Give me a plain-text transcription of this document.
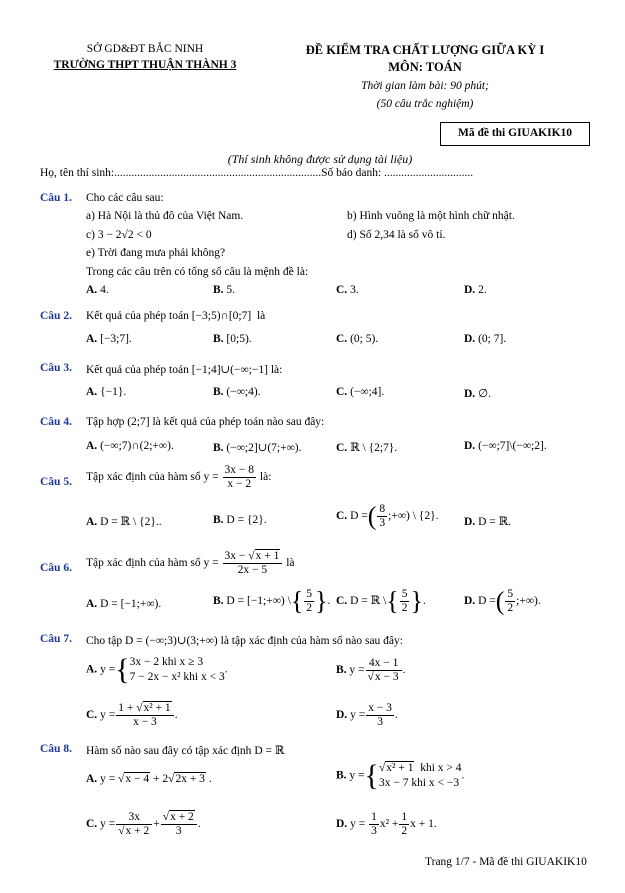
SỞ GD&ĐT BẮC NINH
TRƯỜNG THPT THUẬN THÀNH 3
ĐỀ KIỂM TRA CHẤT LƯỢNG GIỮA KỲ I
MÔN: TOÁN
Thời gian làm bài: 90 phút;
(50 câu trắc nghiệm)
Mã đề thi GIUAKIK10
(Thí sinh không được sử dụng tài liệu)
Họ, tên thí sinh:........................................................................Số báo danh: ...............................
Câu 1. Cho các câu sau:
a) Hà Nội là thủ đô của Việt Nam.	b) Hình vuông là một hình chữ nhật.
c) 3 − 2√2 < 0	d) Số 2,34 là số vô tỉ.
e) Trời đang mưa phải không?
Trong các câu trên có tổng số câu là mệnh đề là:
A. 4.	B. 5.	C. 3.	D. 2.
Câu 2. Kết quả của phép toán [−3;5)∩[0;7] là
A. [−3;7].	B. [0;5).	C. (0; 5).	D. (0; 7].
Câu 3. Kết quả của phép toán [−1;4]∪(−∞;−1] là:
A. {−1}.	B. (−∞;4).	C. (−∞;4].	D. ∅.
Câu 4. Tập hợp (2;7] là kết quả của phép toán nào sau đây:
A. (−∞;7)∩(2;+∞).	B. (−∞;2]∪(7;+∞).	C. ℝ \ {2;7}.	D. (−∞;7]\(−∞;2].
Câu 5. Tập xác định của hàm số $y = \frac{3x - 8}{x - 2}$ là:
A. D = ℝ \ {2}..	B. D = {2}.	C. D =( $\frac{8}{3}$ ;+∞) \ {2}. D. D = ℝ.
Câu 6. Tập xác định của hàm số $y = \frac{3x - √x + 1}{2x - 5}$ là
A. D = [−1;+∞).	B. D = [−1;+∞) \{ $\frac{5}{2}$ }. C. D = ℝ \{ $\frac{5}{2}$ }.	D. D =( $\frac{5}{2}$ ;+∞).
Câu 7. Cho tập D = (−∞;3)∪(3;+∞) là tập xác định của hàm số nào sau đây:
A. y ={ 3x − 2 khi x ≥ 3
7 − 2x − x² khi x < 3
.	B. $y = \frac{4x - 1}{√x - 3}$ .
C. $y = \frac{\text{1 + √x² + 1}}{x - 3}$ .	D. $y = \frac{x - 3}{3}$ .
Câu 8. Hàm số nào sau đây có tập xác định D = ℝ
A. y = √x − 4 + 2√2x + 3 .	B. y ={ √x² + 1 khi x > 4
3x − 7 khi x < −3
.
C. $y = \frac{3x}{√x + 2} + \frac{√x + 2}{3}$ .	D. $y = \frac{1}{3} x^2 + \frac{1}{2}$ x + 1.
Trang 1/7 - Mã đề thi GIUAKIK10
